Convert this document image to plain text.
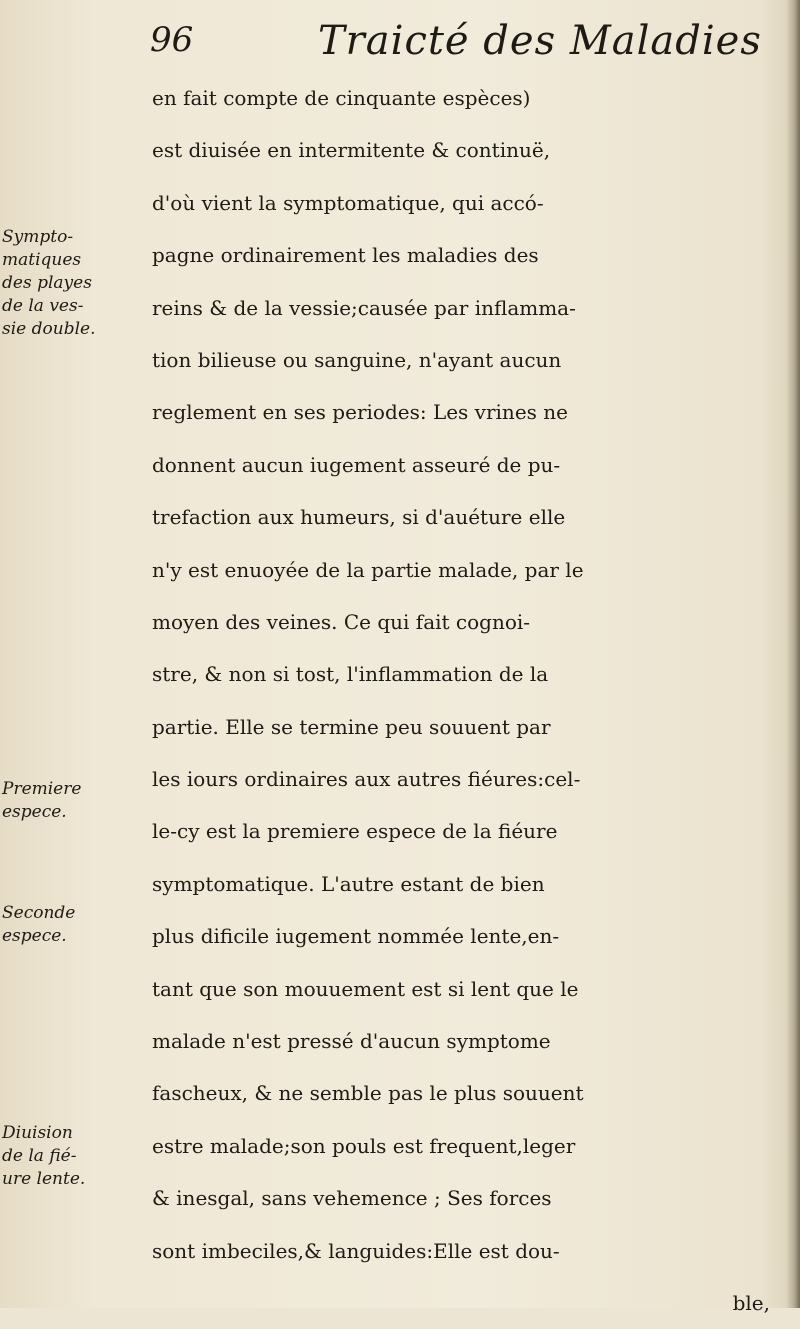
96	Traicté des Maladies
Sympto-
matiques
des playes
de la ves-
sie double.
Premiere
espece.
Seconde
espece.
Diuision
de la fié-
ure lente.
en fait compte de cinquante espèces)
est diuisée en intermitente & continuë,
d'où vient la symptomatique, qui accó-
pagne ordinairement les maladies des
reins & de la vessie;causée par inflamma-
tion bilieuse ou sanguine, n'ayant aucun
reglement en ses periodes: Les vrines ne
donnent aucun iugement asseuré de pu-
trefaction aux humeurs, si d'auéture elle
n'y est enuoyée de la partie malade, par le
moyen des veines. Ce qui fait cognoi-
stre, & non si tost, l'inflammation de la
partie. Elle se termine peu souuent par
les iours ordinaires aux autres fiéures:cel-
le-cy est la premiere espece de la fiéure
symptomatique. L'autre estant de bien
plus dificile iugement nommée lente,en-
tant que son mouuement est si lent que le
malade n'est pressé d'aucun symptome
fascheux, & ne semble pas le plus souuent
estre malade;son pouls est frequent,leger
& inesgal, sans vehemence ; Ses forces
sont imbeciles,& languides:Elle est dou-
ble,
